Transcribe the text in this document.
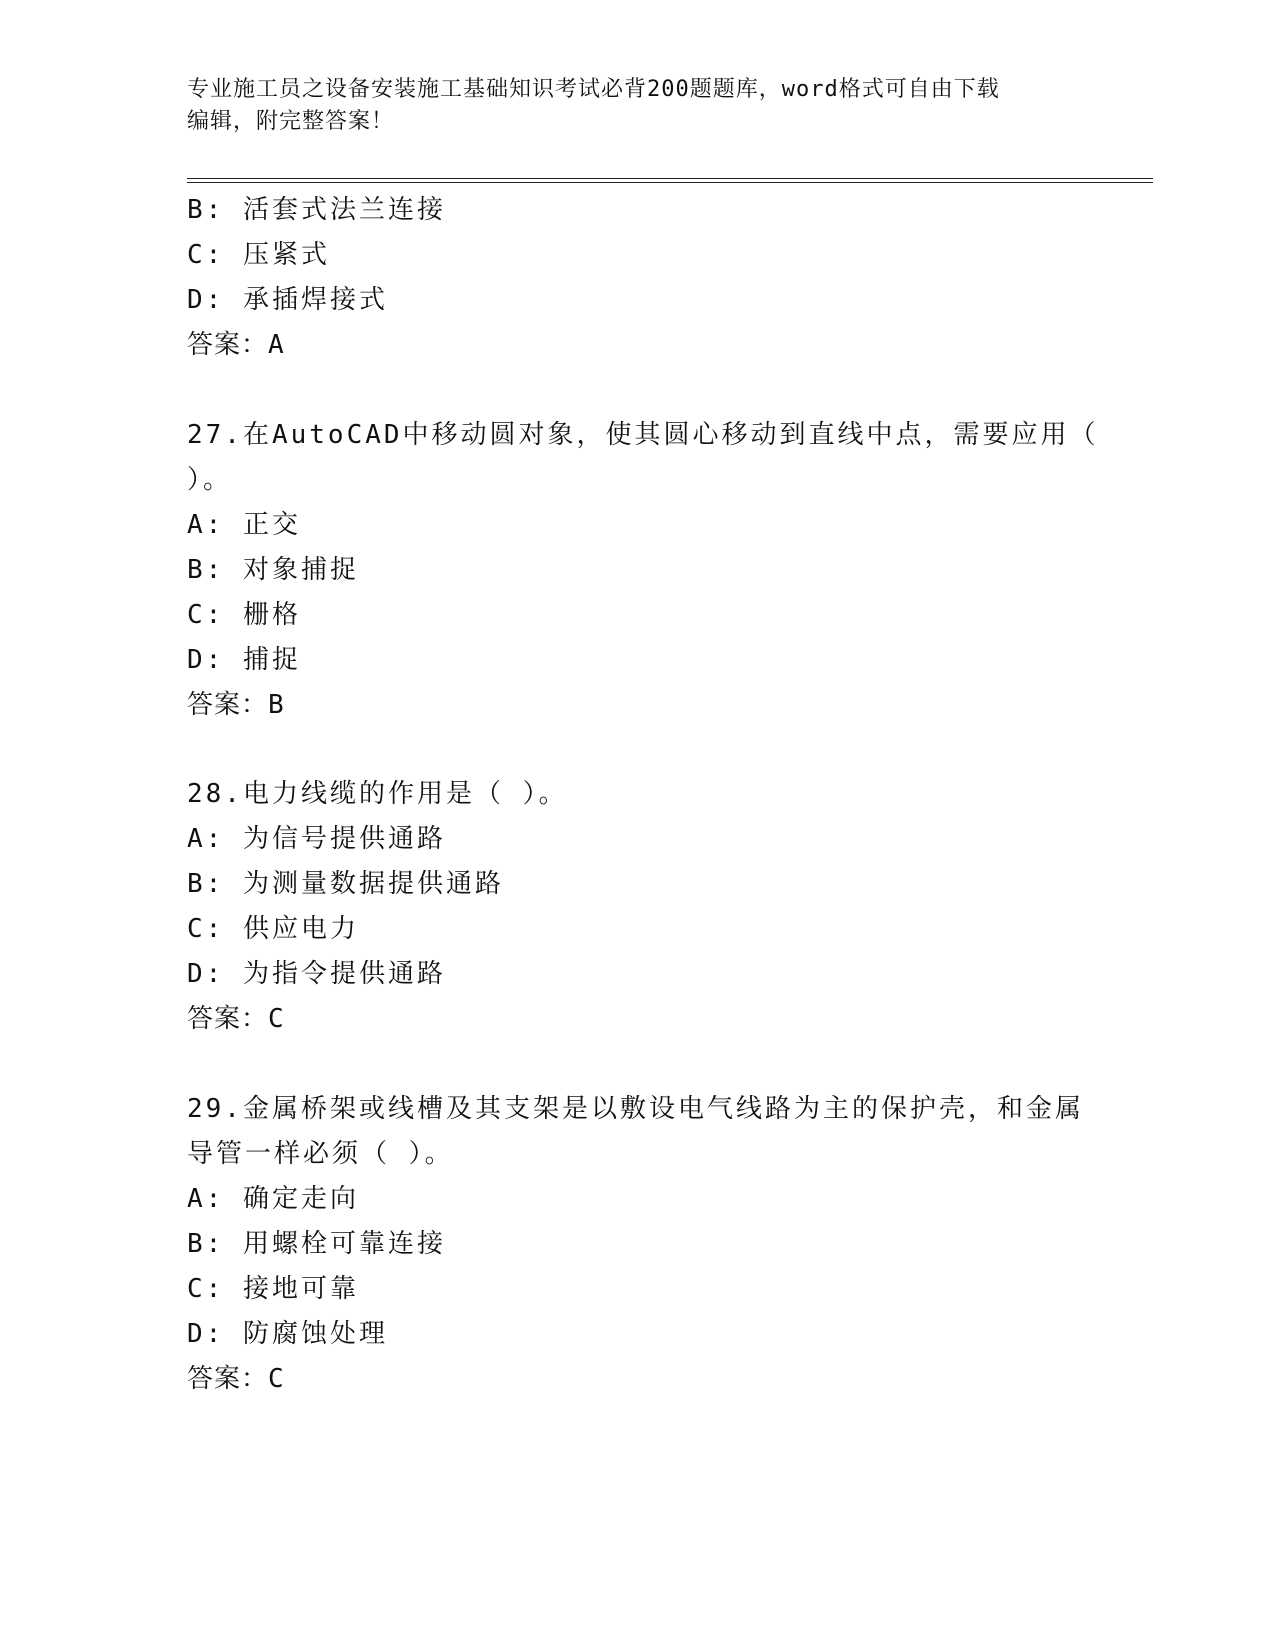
专业施工员之设备安装施工基础知识考试必背200题题库，word格式可自由下载
编辑，附完整答案！
B: 活套式法兰连接
C: 压紧式
D: 承插焊接式
答案：A
27.在AutoCAD中移动圆对象，使其圆心移动到直线中点，需要应用（
）。
A: 正交
B: 对象捕捉
C: 栅格
D: 捕捉
答案：B
28.电力线缆的作用是（ ）。
A: 为信号提供通路
B: 为测量数据提供通路
C: 供应电力
D: 为指令提供通路
答案：C
29.金属桥架或线槽及其支架是以敷设电气线路为主的保护壳，和金属
导管一样必须（ ）。
A: 确定走向
B: 用螺栓可靠连接
C: 接地可靠
D: 防腐蚀处理
答案：C
